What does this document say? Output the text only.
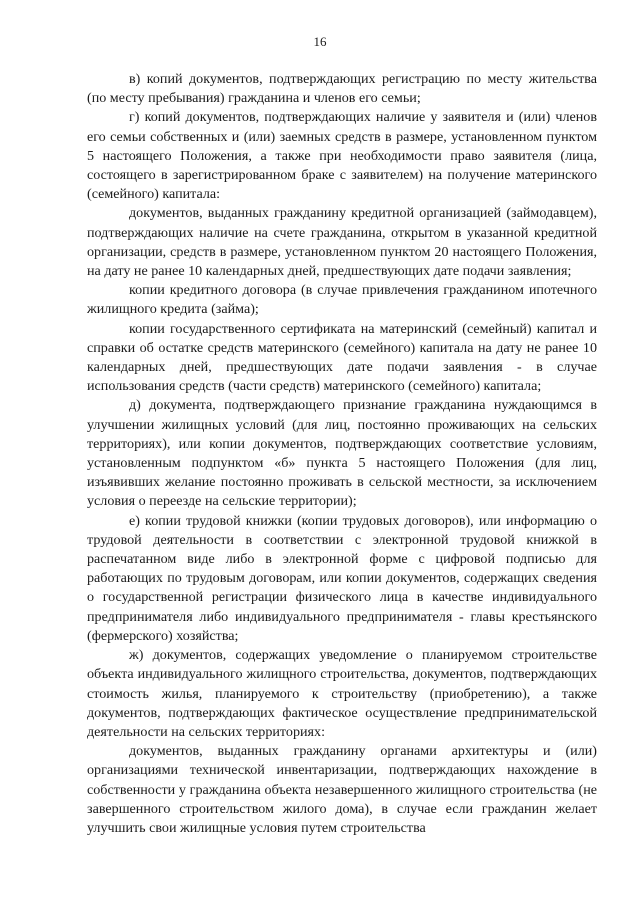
16

в) копий документов, подтверждающих регистрацию по месту жительства (по месту пребывания) гражданина и членов его семьи;

г) копий документов, подтверждающих наличие у заявителя и (или) членов его семьи собственных и (или) заемных средств в размере, установленном пунктом 5 настоящего Положения, а также при необходимости право заявителя (лица, состоящего в зарегистрированном браке с заявителем) на получение материнского (семейного) капитала:

документов, выданных гражданину кредитной организацией (займодавцем), подтверждающих наличие на счете гражданина, открытом в указанной кредитной организации, средств в размере, установленном пунктом 20 настоящего Положения, на дату не ранее 10 календарных дней, предшествующих дате подачи заявления;

копии кредитного договора (в случае привлечения гражданином ипотечного жилищного кредита (займа);

копии государственного сертификата на материнский (семейный) капитал и справки об остатке средств материнского (семейного) капитала на дату не ранее 10 календарных дней, предшествующих дате подачи заявления - в случае использования средств (части средств) материнского (семейного) капитала;

д) документа, подтверждающего признание гражданина нуждающимся в улучшении жилищных условий (для лиц, постоянно проживающих на сельских территориях), или копии документов, подтверждающих соответствие условиям, установленным подпунктом «б» пункта 5 настоящего Положения (для лиц, изъявивших желание постоянно проживать в сельской местности, за исключением условия о переезде на сельские территории);

е) копии трудовой книжки (копии трудовых договоров), или информацию о трудовой деятельности в соответствии с электронной трудовой книжкой в распечатанном виде либо в электронной форме с цифровой подписью для работающих по трудовым договорам, или копии документов, содержащих сведения о государственной регистрации физического лица в качестве индивидуального предпринимателя либо индивидуального предпринимателя - главы крестьянского (фермерского) хозяйства;

ж) документов, содержащих уведомление о планируемом строительстве объекта индивидуального жилищного строительства, документов, подтверждающих стоимость жилья, планируемого к строительству (приобретению), а также документов, подтверждающих фактическое осуществление предпринимательской деятельности на сельских территориях:

документов, выданных гражданину органами архитектуры и (или) организациями технической инвентаризации, подтверждающих нахождение в собственности у гражданина объекта незавершенного жилищного строительства (не завершенного строительством жилого дома), в случае если гражданин желает улучшить свои жилищные условия путем строительства
